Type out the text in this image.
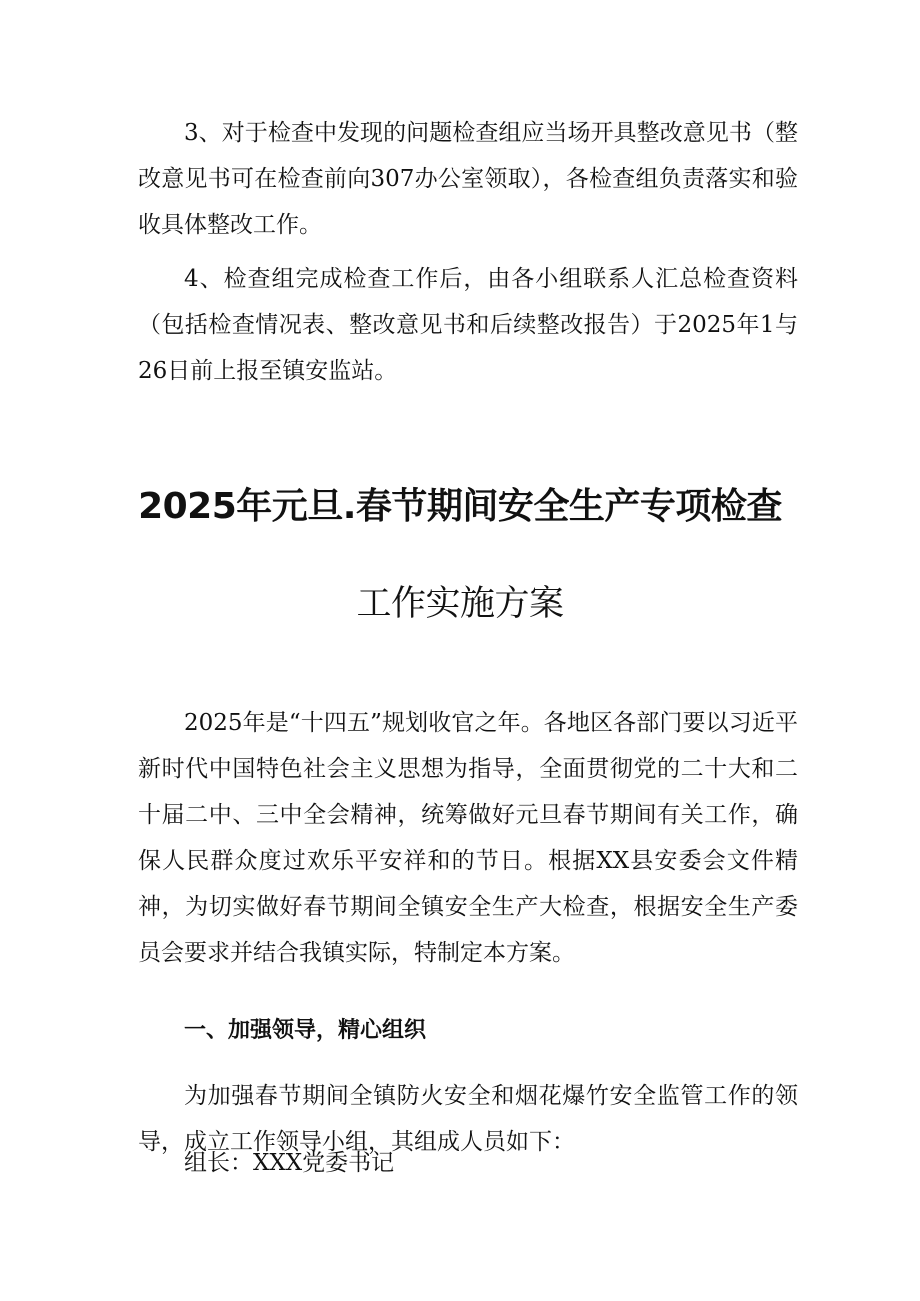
3、对于检查中发现的问题检查组应当场开具整改意见书（整改意见书可在检查前向307办公室领取），各检查组负责落实和验收具体整改工作。

4、检查组完成检查工作后，由各小组联系人汇总检查资料（包括检查情况表、整改意见书和后续整改报告）于2025年1与26日前上报至镇安监站。

2025年元旦.春节期间安全生产专项检查
工作实施方案

2025年是“十四五”规划收官之年。各地区各部门要以习近平新时代中国特色社会主义思想为指导，全面贯彻党的二十大和二十届二中、三中全会精神，统筹做好元旦春节期间有关工作，确保人民群众度过欢乐平安祥和的节日。根据XX县安委会文件精神，为切实做好春节期间全镇安全生产大检查，根据安全生产委员会要求并结合我镇实际，特制定本方案。

一、加强领导，精心组织

为加强春节期间全镇防火安全和烟花爆竹安全监管工作的领导，成立工作领导小组，其组成人员如下：

组长：XXX党委书记
